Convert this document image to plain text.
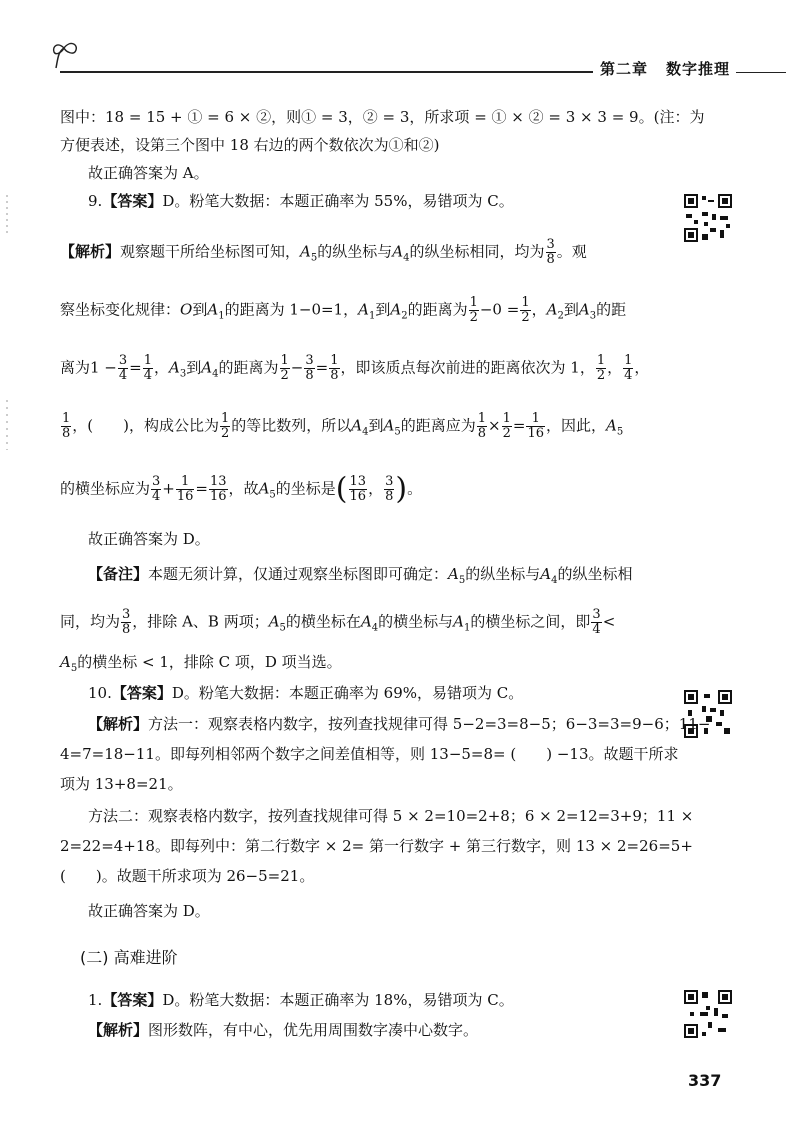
第二章 数字推理
图中：18 = 15 + ① = 6 × ②，则① = 3，② = 3，所求项 = ① × ② = 3 × 3 = 9。(注：为
方便表述，设第三个图中 18 右边的两个数依次为①和②)
故正确答案为 A。
9.【答案】D。粉笔大数据：本题正确率为 55%，易错项为 C。
【解析】观察题干所给坐标图可知，$A_5$的纵坐标与$A_4$的纵坐标相同，均为 $\frac{3}{8}$ 。观
察坐标变化规律：O到$A_1$的距离为 1−0=1，$A_1$到$A_2$的距离为 $\frac{1}{2} -0 = \frac{1}{2}$ ，$A_2$到$A_3$的距
离为$1 - \frac{3}{4} = \frac{1}{4}$ ，$A_3$到$A_4$的距离为 $\frac{1}{2} - \frac{3}{8} = \frac{1}{8}$ ，即该质点每次前进的距离依次为 1， $\frac{1}{2}$ ， $\frac{1}{4}$ ，
$\frac{1}{8}$ ，(　　)，构成公比为 $\frac{1}{2}$ 的等比数列，所以$A_4$到$A_5$的距离应为 $\frac{1}{8} \times \frac{1}{2} = \frac{1}{16}$ ，因此，$A_5$
的横坐标应为 $\frac{3}{4} + \frac{1}{16} = \frac{13}{16}$ ，故$A_5$的坐标是( $\frac{13}{16}$ ， $\frac{3}{8}$ )。
故正确答案为 D。
【备注】本题无须计算，仅通过观察坐标图即可确定：$A_5$的纵坐标与$A_4$的纵坐标相
同，均为 $\frac{3}{8}$ ，排除 A、B 两项；$A_5$的横坐标在$A_4$的横坐标与$A_1$的横坐标之间，即 $\frac{3}{4}$ <
$A_5$的横坐标 < 1，排除 C 项，D 项当选。
10.【答案】D。粉笔大数据：本题正确率为 69%，易错项为 C。
【解析】方法一：观察表格内数字，按列查找规律可得 5−2=3=8−5；6−3=3=9−6；11−
4=7=18−11。即每列相邻两个数字之间差值相等，则 13−5=8= (　　) −13。故题干所求
项为 13+8=21。
方法二：观察表格内数字，按列查找规律可得 5 × 2=10=2+8；6 × 2=12=3+9；11 ×
2=22=4+18。即每列中：第二行数字 × 2= 第一行数字 + 第三行数字，则 13 × 2=26=5+
(　　)。故题干所求项为 26−5=21。
故正确答案为 D。
(二) 高难进阶
1.【答案】D。粉笔大数据：本题正确率为 18%，易错项为 C。
【解析】图形数阵，有中心，优先用周围数字凑中心数字。
337
